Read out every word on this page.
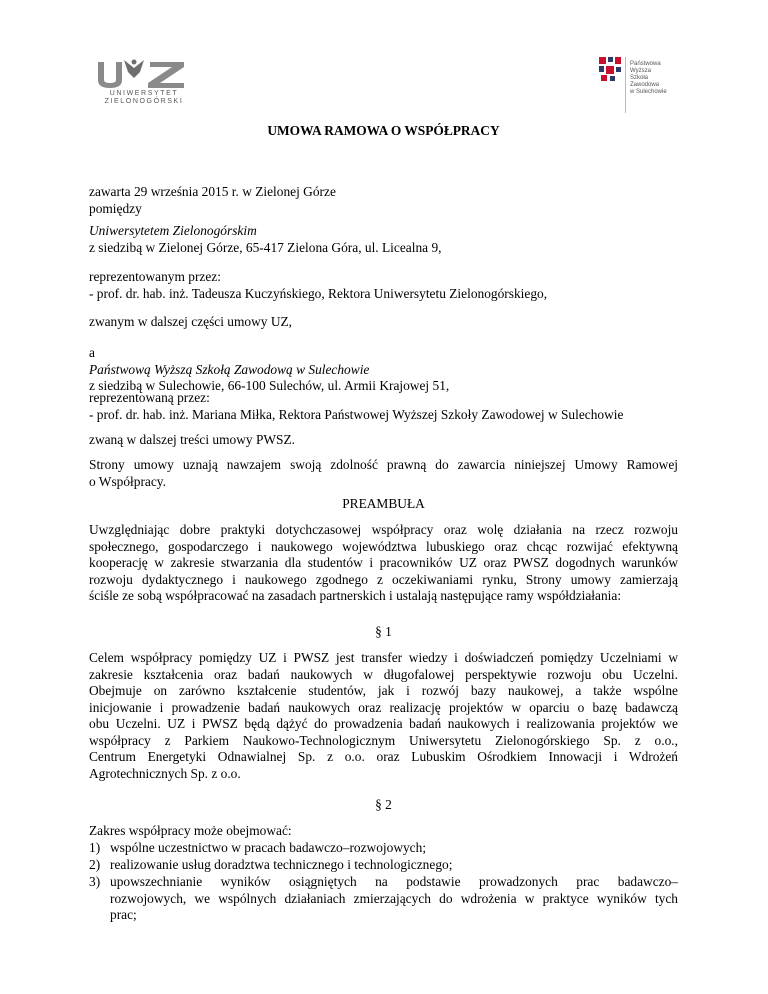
UNIWERSYTET
ZIELONOGÓRSKI
Państwowa
Wyższa
Szkoła
Zawodowa
w Sulechowie
UMOWA RAMOWA O WSPÓŁPRACY
zawarta 29 września 2015 r. w Zielonej Górze
pomiędzy
Uniwersytetem Zielonogórskim
z siedzibą w Zielonej Górze, 65-417 Zielona Góra, ul. Licealna 9,
reprezentowanym przez:
- prof. dr. hab. inż. Tadeusza Kuczyńskiego, Rektora Uniwersytetu Zielonogórskiego,
zwanym w dalszej części umowy UZ,
a
Państwową Wyższą Szkołą Zawodową w Sulechowie
z siedzibą w Sulechowie, 66-100 Sulechów, ul. Armii Krajowej 51,
reprezentowaną przez:
- prof. dr. hab. inż. Mariana Miłka, Rektora Państwowej Wyższej Szkoły Zawodowej w Sulechowie
zwaną w dalszej treści umowy PWSZ.
Strony umowy uznają nawzajem swoją zdolność prawną do zawarcia niniejszej Umowy Ramowej
o Współpracy.
PREAMBUŁA
Uwzględniając dobre praktyki dotychczasowej współpracy oraz wolę działania na rzecz rozwoju
społecznego, gospodarczego i naukowego województwa lubuskiego oraz chcąc rozwijać efektywną
kooperację w zakresie stwarzania dla studentów i pracowników UZ oraz PWSZ dogodnych warunków
rozwoju dydaktycznego i naukowego zgodnego z oczekiwaniami rynku, Strony umowy zamierzają
ściśle ze sobą współpracować na zasadach partnerskich i ustalają następujące ramy współdziałania:
§ 1
Celem współpracy pomiędzy UZ i PWSZ jest transfer wiedzy i doświadczeń pomiędzy Uczelniami w
zakresie kształcenia oraz badań naukowych w długofalowej perspektywie rozwoju obu Uczelni.
Obejmuje on zarówno kształcenie studentów, jak i rozwój bazy naukowej, a także wspólne
inicjowanie i prowadzenie badań naukowych oraz realizację projektów w oparciu o bazę badawczą
obu Uczelni. UZ i PWSZ będą dążyć do prowadzenia badań naukowych i realizowania projektów we
współpracy z Parkiem Naukowo-Technologicznym Uniwersytetu Zielonogórskiego Sp. z o.o.,
Centrum Energetyki Odnawialnej Sp. z o.o. oraz Lubuskim Ośrodkiem Innowacji i Wdrożeń
Agrotechnicznych Sp. z o.o.
§ 2
Zakres współpracy może obejmować:
1) wspólne uczestnictwo w pracach badawczo–rozwojowych;
2) realizowanie usług doradztwa technicznego i technologicznego;
3) upowszechnianie wyników osiągniętych na podstawie prowadzonych prac badawczo–
rozwojowych, we wspólnych działaniach zmierzających do wdrożenia w praktyce wyników tych
prac;
